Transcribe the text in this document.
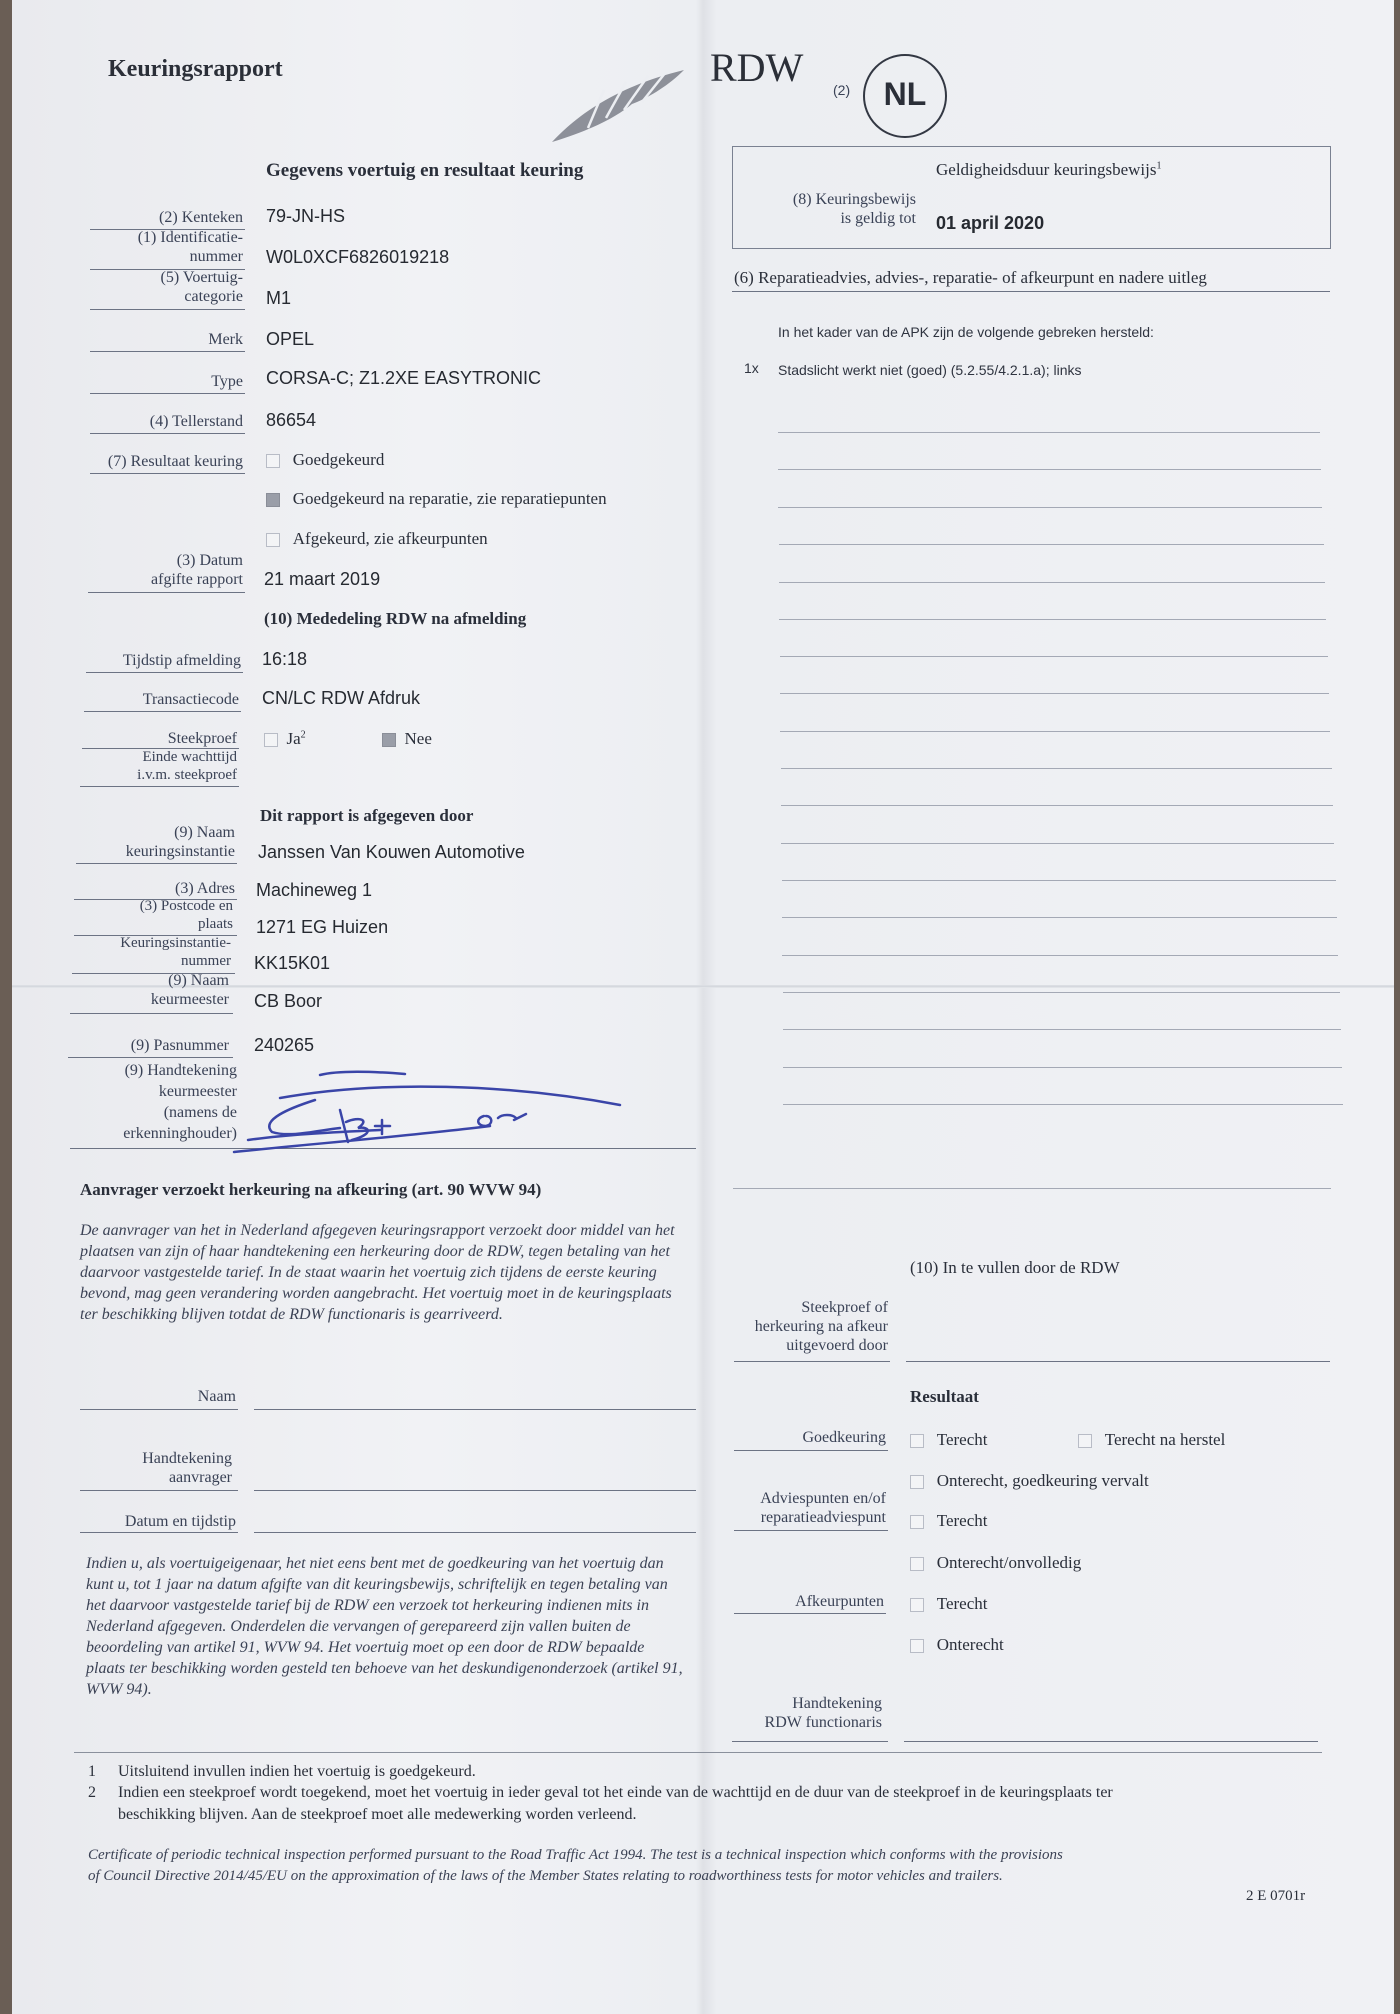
Keuringsrapport	RDW (2)	NL
Gegevens voertuig en resultaat keuring
(2) Kenteken 79-JN-HS
(1) Identificatie-
nummer W0L0XCF6826019218
(5) Voertuig-
categorie M1
Merk OPEL
Type CORSA-C; Z1.2XE EASYTRONIC
(4) Tellerstand 86654
(7) Resultaat keuring	Goedgekeurd
Goedgekeurd na reparatie, zie reparatiepunten
Afgekeurd, zie afkeurpunten
(3) Datum
afgifte rapport 21 maart 2019
(10) Mededeling RDW na afmelding
Tijdstip afmelding 16:18
Transactiecode CN/LC RDW Afdruk
Steekproef	Ja$^2$	Nee
Einde wachttijd
i.v.m. steekproef
Dit rapport is afgegeven door
(9) Naam
keuringsinstantie Janssen Van Kouwen Automotive
(3) Adres Machineweg 1
(3) Postcode en
plaats 1271 EG Huizen
Keuringsinstantie-
nummer KK15K01
(9) Naam
keurmeester CB Boor
(9) Pasnummer 240265
(9) Handtekening
keurmeester
(namens de
erkenninghouder)
Geldigheidsduur keuringsbewijs$^1$
(8) Keuringsbewijs
is geldig tot 01 april 2020
(6) Reparatieadvies, advies-, reparatie- of afkeurpunt en nadere uitleg
In het kader van de APK zijn de volgende gebreken hersteld:
1x Stadslicht werkt niet (goed) (5.2.55/4.2.1.a); links
Aanvrager verzoekt herkeuring na afkeuring (art. 90 WVW 94)
De aanvrager van het in Nederland afgegeven keuringsrapport verzoekt door middel van het plaatsen van zijn of haar handtekening een herkeuring door de RDW, tegen betaling van het daarvoor vastgestelde tarief. In de staat waarin het voertuig zich tijdens de eerste keuring bevond, mag geen verandering worden aangebracht. Het voertuig moet in de keuringsplaats ter beschikking blijven totdat de RDW functionaris is gearriveerd.
Naam
Handtekening
aanvrager
Datum en tijdstip
Indien u, als voertuigeigenaar, het niet eens bent met de goedkeuring van het voertuig dan kunt u, tot 1 jaar na datum afgifte van dit keuringsbewijs, schriftelijk en tegen betaling van het daarvoor vastgestelde tarief bij de RDW een verzoek tot herkeuring indienen mits in Nederland afgegeven. Onderdelen die vervangen of gerepareerd zijn vallen buiten de beoordeling van artikel 91, WVW 94. Het voertuig moet op een door de RDW bepaalde plaats ter beschikking worden gesteld ten behoeve van het deskundigenonderzoek (artikel 91, WVW 94).
(10) In te vullen door de RDW
Steekproef of
herkeuring na afkeur
uitgevoerd door
Resultaat
Goedkeuring	Terecht	Terecht na herstel
Onterecht, goedkeuring vervalt
Adviespunten en/of
reparatieadviespunt	Terecht
Onterecht/onvolledig
Afkeurpunten	Terecht
Onterecht
Handtekening
RDW functionaris
1 Uitsluitend invullen indien het voertuig is goedgekeurd.
2 Indien een steekproef wordt toegekend, moet het voertuig in ieder geval tot het einde van de wachttijd en de duur van de steekproef in de keuringsplaats ter
beschikking blijven. Aan de steekproef moet alle medewerking worden verleend.
Certificate of periodic technical inspection performed pursuant to the Road Traffic Act 1994. The test is a technical inspection which conforms with the provisions
of Council Directive 2014/45/EU on the approximation of the laws of the Member States relating to roadworthiness tests for motor vehicles and trailers.
2 E 0701r
